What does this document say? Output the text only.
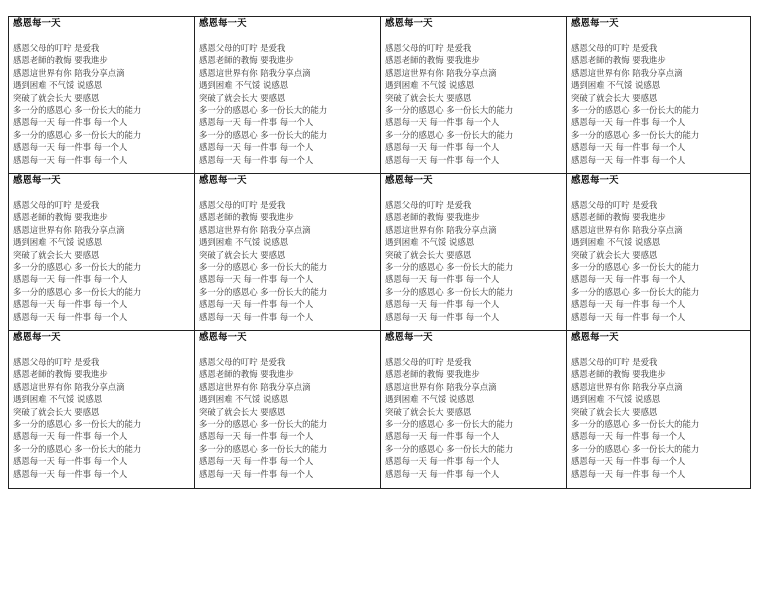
感恩每一天
感恩父母的叮咛 是爱我
感恩老師的教悔 要我進步
感恩這世界有你 陪我分享点滴
遇到困难 不气馁 说感恩
突破了就会长大 要感恩
多一分的感恩心 多一份长大的能力
感恩每一天 每一件事 每一个人
多一分的感恩心 多一份长大的能力
感恩每一天 每一件事 每一个人
感恩每一天 每一件事 每一个人
感恩每一天
感恩父母的叮咛 是爱我
感恩老師的教悔 要我進步
感恩這世界有你 陪我分享点滴
遇到困难 不气馁 说感恩
突破了就会长大 要感恩
多一分的感恩心 多一份长大的能力
感恩每一天 每一件事 每一个人
多一分的感恩心 多一份长大的能力
感恩每一天 每一件事 每一个人
感恩每一天 每一件事 每一个人
感恩每一天
感恩父母的叮咛 是爱我
感恩老師的教悔 要我進步
感恩這世界有你 陪我分享点滴
遇到困难 不气馁 说感恩
突破了就会长大 要感恩
多一分的感恩心 多一份长大的能力
感恩每一天 每一件事 每一个人
多一分的感恩心 多一份长大的能力
感恩每一天 每一件事 每一个人
感恩每一天 每一件事 每一个人
感恩每一天
感恩父母的叮咛 是爱我
感恩老師的教悔 要我進步
感恩這世界有你 陪我分享点滴
遇到困难 不气馁 说感恩
突破了就会长大 要感恩
多一分的感恩心 多一份长大的能力
感恩每一天 每一件事 每一个人
多一分的感恩心 多一份长大的能力
感恩每一天 每一件事 每一个人
感恩每一天 每一件事 每一个人
感恩每一天
感恩父母的叮咛 是爱我
感恩老師的教悔 要我進步
感恩這世界有你 陪我分享点滴
遇到困难 不气馁 说感恩
突破了就会长大 要感恩
多一分的感恩心 多一份长大的能力
感恩每一天 每一件事 每一个人
多一分的感恩心 多一份长大的能力
感恩每一天 每一件事 每一个人
感恩每一天 每一件事 每一个人
感恩每一天
感恩父母的叮咛 是爱我
感恩老師的教悔 要我進步
感恩這世界有你 陪我分享点滴
遇到困难 不气馁 说感恩
突破了就会长大 要感恩
多一分的感恩心 多一份长大的能力
感恩每一天 每一件事 每一个人
多一分的感恩心 多一份长大的能力
感恩每一天 每一件事 每一个人
感恩每一天 每一件事 每一个人
感恩每一天
感恩父母的叮咛 是爱我
感恩老師的教悔 要我進步
感恩這世界有你 陪我分享点滴
遇到困难 不气馁 说感恩
突破了就会长大 要感恩
多一分的感恩心 多一份长大的能力
感恩每一天 每一件事 每一个人
多一分的感恩心 多一份长大的能力
感恩每一天 每一件事 每一个人
感恩每一天 每一件事 每一个人
感恩每一天
感恩父母的叮咛 是爱我
感恩老師的教悔 要我進步
感恩這世界有你 陪我分享点滴
遇到困难 不气馁 说感恩
突破了就会长大 要感恩
多一分的感恩心 多一份长大的能力
感恩每一天 每一件事 每一个人
多一分的感恩心 多一份长大的能力
感恩每一天 每一件事 每一个人
感恩每一天 每一件事 每一个人
感恩每一天
感恩父母的叮咛 是爱我
感恩老師的教悔 要我進步
感恩這世界有你 陪我分享点滴
遇到困难 不气馁 说感恩
突破了就会长大 要感恩
多一分的感恩心 多一份长大的能力
感恩每一天 每一件事 每一个人
多一分的感恩心 多一份长大的能力
感恩每一天 每一件事 每一个人
感恩每一天 每一件事 每一个人
感恩每一天
感恩父母的叮咛 是爱我
感恩老師的教悔 要我進步
感恩這世界有你 陪我分享点滴
遇到困难 不气馁 说感恩
突破了就会长大 要感恩
多一分的感恩心 多一份长大的能力
感恩每一天 每一件事 每一个人
多一分的感恩心 多一份长大的能力
感恩每一天 每一件事 每一个人
感恩每一天 每一件事 每一个人
感恩每一天
感恩父母的叮咛 是爱我
感恩老師的教悔 要我進步
感恩這世界有你 陪我分享点滴
遇到困难 不气馁 说感恩
突破了就会长大 要感恩
多一分的感恩心 多一份长大的能力
感恩每一天 每一件事 每一个人
多一分的感恩心 多一份长大的能力
感恩每一天 每一件事 每一个人
感恩每一天 每一件事 每一个人
感恩每一天
感恩父母的叮咛 是爱我
感恩老師的教悔 要我進步
感恩這世界有你 陪我分享点滴
遇到困难 不气馁 说感恩
突破了就会长大 要感恩
多一分的感恩心 多一份长大的能力
感恩每一天 每一件事 每一个人
多一分的感恩心 多一份长大的能力
感恩每一天 每一件事 每一个人
感恩每一天 每一件事 每一个人
